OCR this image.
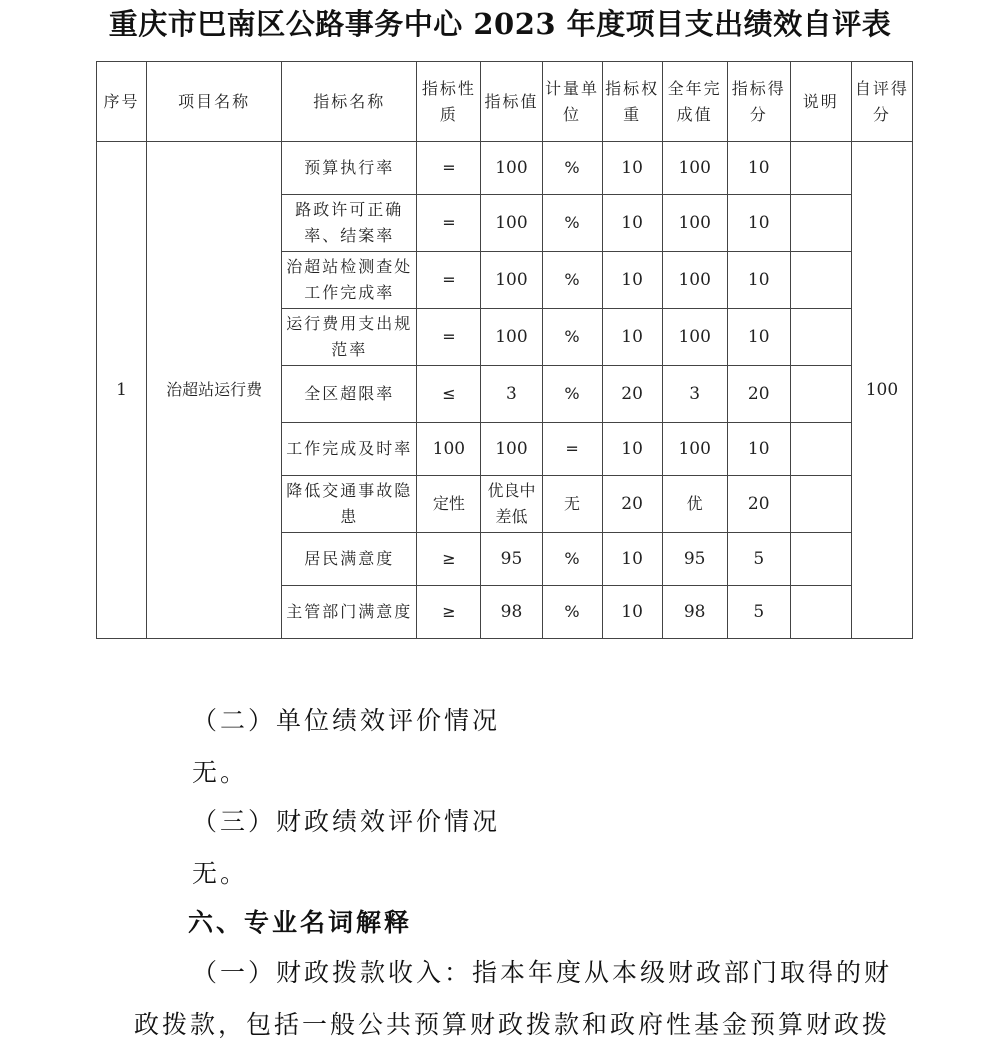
重庆市巴南区公路事务中心 2023 年度项目支出绩效自评表
序号	项目名称	指标名称	指标性质	指标值	计量单位	指标权重	全年完成值	指标得分	说明	自评得分
1	治超站运行费	预算执行率	=	100	%	10	100	10		100
		路政许可正确率、结案率	=	100	%	10	100	10		
		治超站检测查处工作完成率	=	100	%	10	100	10		
		运行费用支出规范率	=	100	%	10	100	10		
		全区超限率	≤	3	%	20	3	20		
		工作完成及时率	100	100	=	10	100	10		
		降低交通事故隐患	定性	优良中差低	无	20	优	20		
		居民满意度	≥	95	%	10	95	5		
		主管部门满意度	≥	98	%	10	98	5		
（二）单位绩效评价情况
无。
（三）财政绩效评价情况
无。
六、专业名词解释
（一）财政拨款收入：指本年度从本级财政部门取得的财
政拨款，包括一般公共预算财政拨款和政府性基金预算财政拨
